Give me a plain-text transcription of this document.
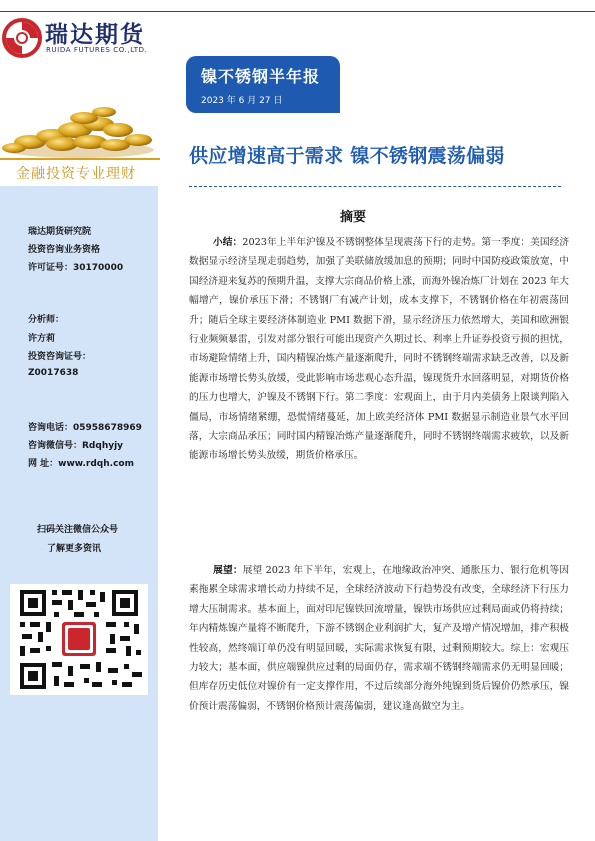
瑞达期货
RUIDA FUTURES CO.,LTD.
镍不锈钢半年报
2023 年 6 月 27 日
金融投资专业理财
瑞达期货研究院
投资咨询业务资格
许可证号：30170000
分析师：
许方莉
投资咨询证号：
Z0017638
咨询电话：05958678969
咨询微信号：Rdqhyjy
网 址：www.rdqh.com
扫码关注微信公众号
了解更多资讯
供应增速高于需求 镍不锈钢震荡偏弱
摘要
小结：2023年上半年沪镍及不锈钢整体呈现震荡下行的走势。第一季度：美国经济数据显示经济呈现走弱趋势，加强了美联储放缓加息的预期；同时中国防疫政策放宽，中国经济迎来复苏的预期升温，支撑大宗商品价格上涨，而海外镍冶炼厂计划在 2023 年大幅增产，镍价承压下滑；不锈钢厂有减产计划，成本支撑下，不锈钢价格在年初震荡回升；随后全球主要经济体制造业 PMI 数据下滑，显示经济压力依然增大，美国和欧洲银行业频频暴雷，引发对部分银行可能出现资产久期过长、利率上升证券投资亏损的担忧，市场避险情绪上升，国内精镍冶炼产量逐渐爬升，同时不锈钢终端需求缺乏改善，以及新能源市场增长势头放缓，受此影响市场悲观心态升温，镍现货升水回落明显，对期货价格的压力也增大，沪镍及不锈钢下行。第二季度：宏观面上，由于月内美债务上限谈判陷入僵局，市场情绪紧绷，恐慌情绪蔓延，加上欧美经济体 PMI 数据显示制造业景气水平回落，大宗商品承压；同时国内精镍冶炼产量逐渐爬升，同时不锈钢终端需求疲软，以及新能源市场增长势头放缓，期货价格承压。
展望：展望 2023 年下半年，宏观上，在地缘政治冲突、通胀压力、银行危机等因素拖累全球需求增长动力持续不足，全球经济波动下行趋势没有改变，全球经济下行压力增大压制需求。基本面上，面对印尼镍铁回流增量，镍铁市场供应过剩局面或仍将持续；年内精炼镍产量将不断爬升，下游不锈钢企业利润扩大，复产及增产情况增加，排产积极性较高，然终端订单仍没有明显回暖，实际需求恢复有限，过剩预期较大。综上：宏观压力较大；基本面，供应端镍供应过剩的局面仍存，需求端不锈钢终端需求仍无明显回暖；但库存历史低位对镍价有一定支撑作用，不过后续部分海外纯镍到货后镍价仍然承压，镍价预计震荡偏弱，不锈钢价格预计震荡偏弱，建议逢高做空为主。
